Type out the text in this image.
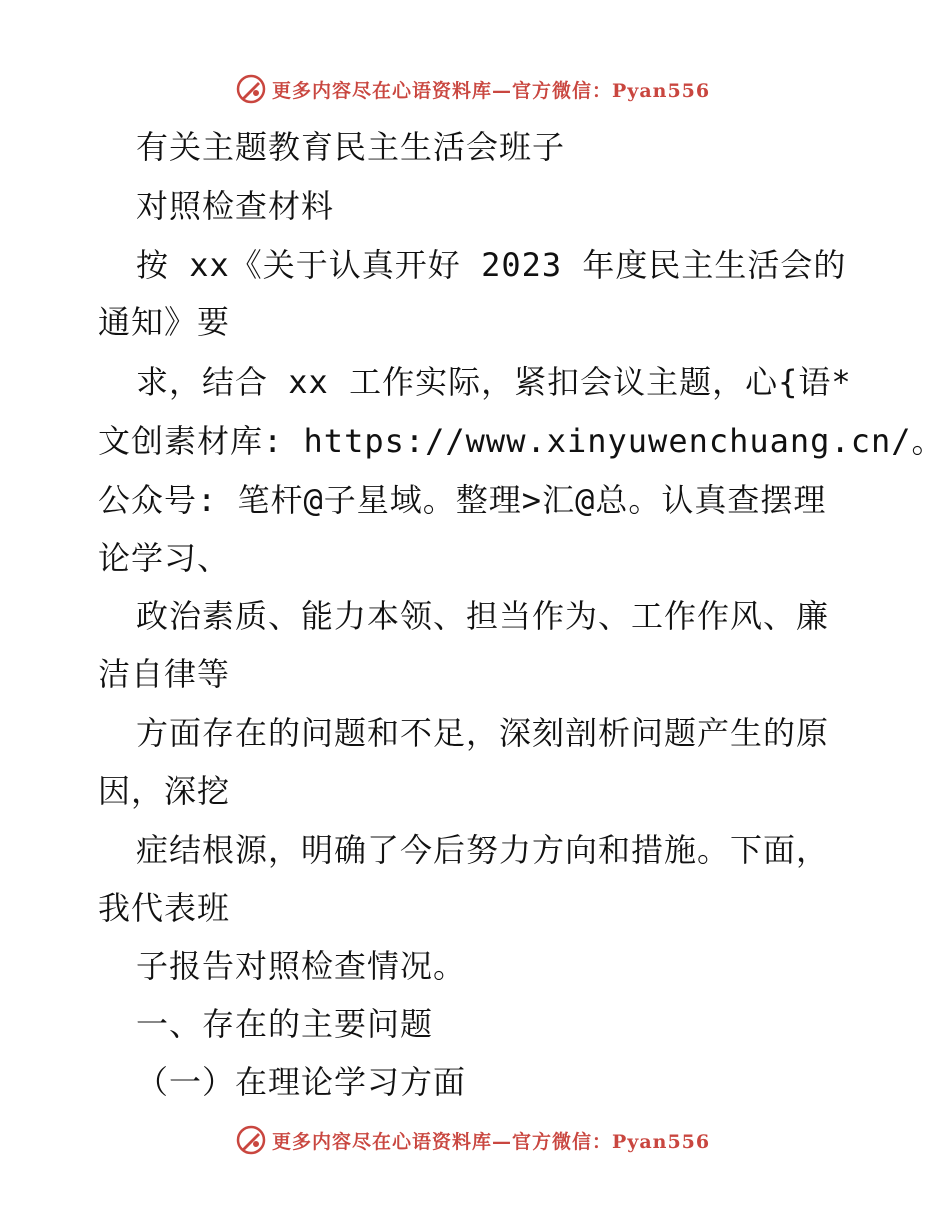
更多内容尽在心语资料库—官方微信：Pyan556
有关主题教育民主生活会班子
对照检查材料
按 xx《关于认真开好 2023 年度民主生活会的
通知》要
求，结合 xx 工作实际，紧扣会议主题，心{语*
文创素材库: https://www.xinyuwenchuang.cn/。
公众号: 笔杆@子星域。整理>汇@总。认真查摆理
论学习、
政治素质、能力本领、担当作为、工作作风、廉
洁自律等
方面存在的问题和不足，深刻剖析问题产生的原
因，深挖
症结根源，明确了今后努力方向和措施。下面，
我代表班
子报告对照检查情况。
一、存在的主要问题
（一）在理论学习方面
更多内容尽在心语资料库—官方微信：Pyan556
